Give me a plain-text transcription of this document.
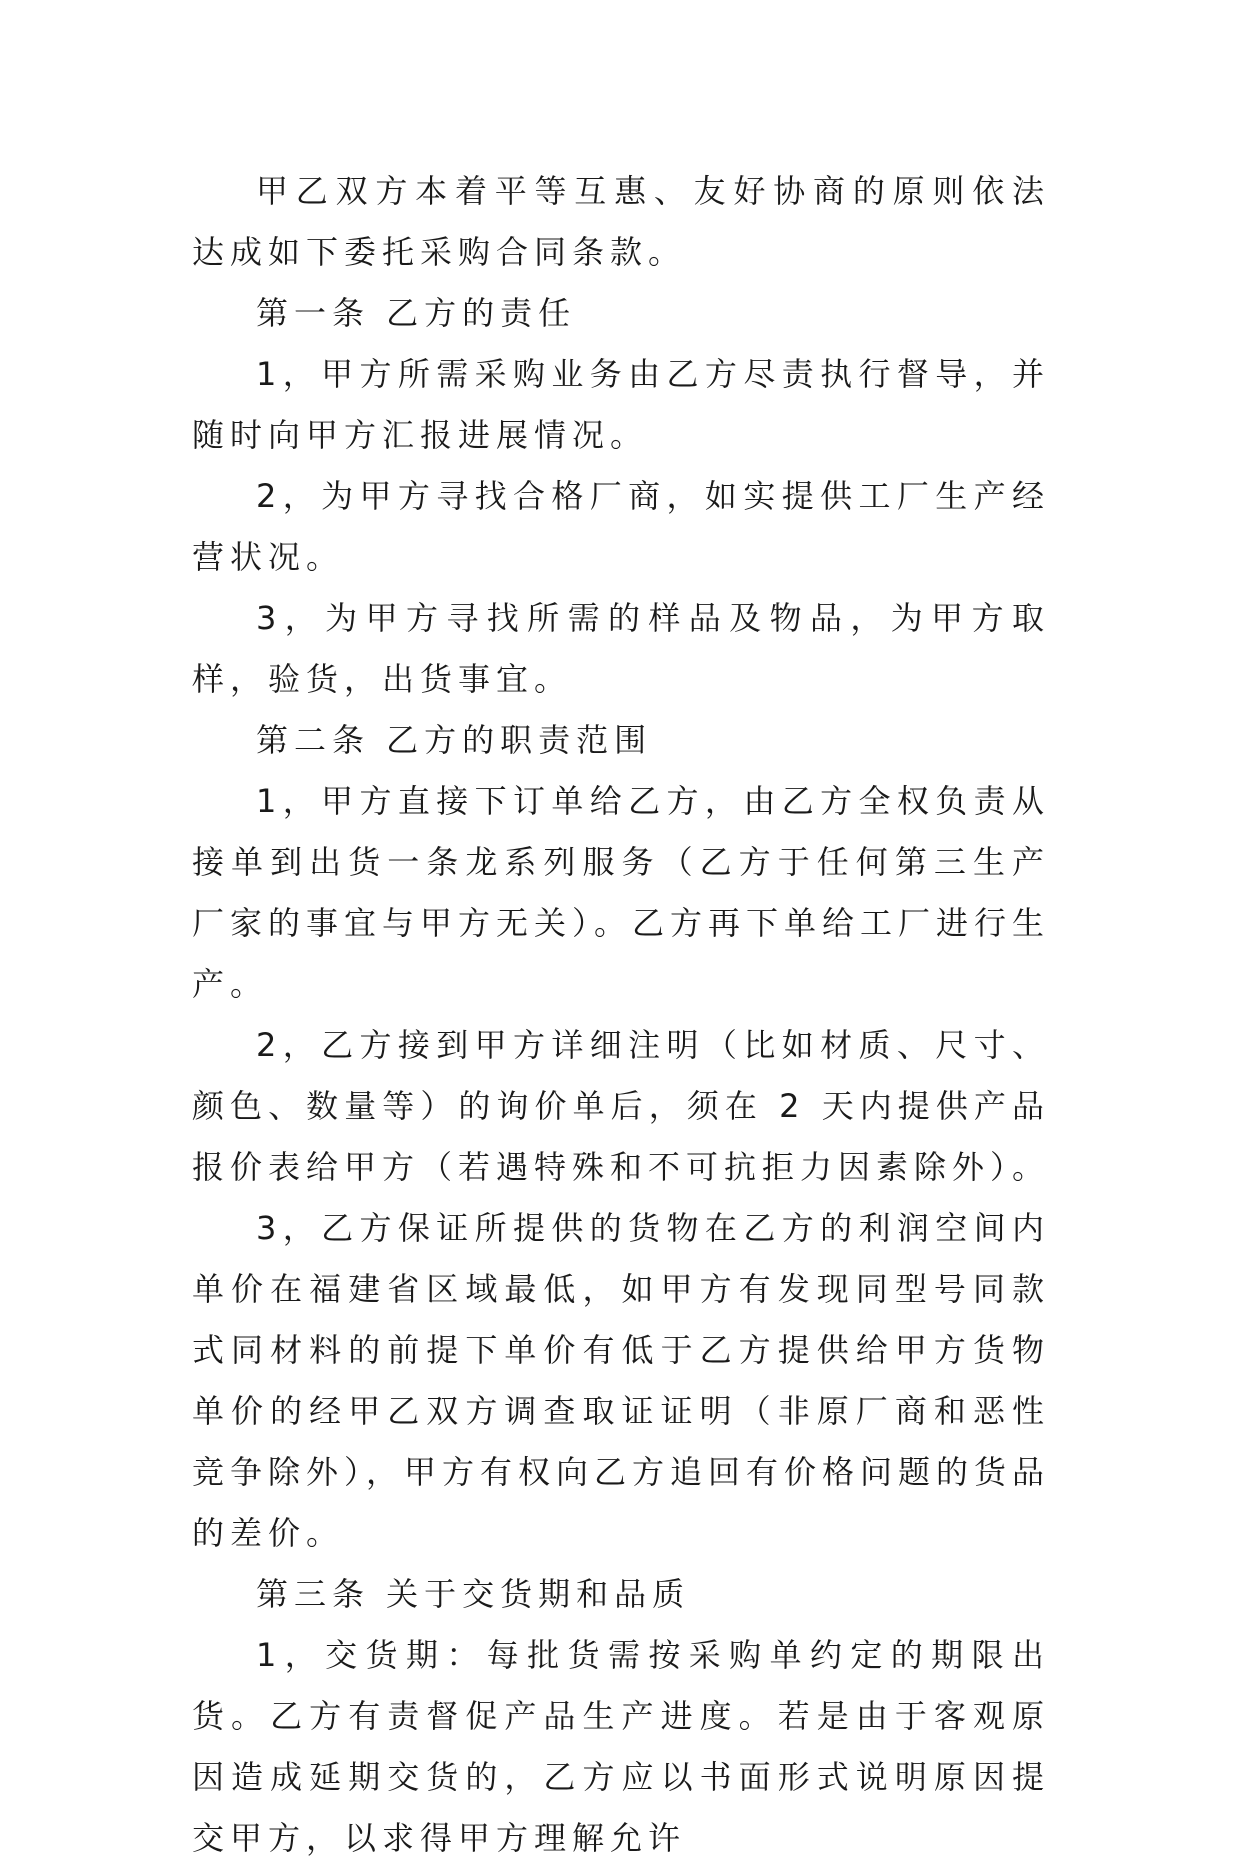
甲乙双方本着平等互惠、友好协商的原则依法达成如下委托采购合同条款。

第一条 乙方的责任

1，甲方所需采购业务由乙方尽责执行督导，并随时向甲方汇报进展情况。

2，为甲方寻找合格厂商，如实提供工厂生产经营状况。

3，为甲方寻找所需的样品及物品，为甲方取样，验货，出货事宜。

第二条 乙方的职责范围

1，甲方直接下订单给乙方，由乙方全权负责从接单到出货一条龙系列服务（乙方于任何第三生产厂家的事宜与甲方无关）。乙方再下单给工厂进行生产。

2，乙方接到甲方详细注明（比如材质、尺寸、颜色、数量等）的询价单后，须在 2 天内提供产品报价表给甲方（若遇特殊和不可抗拒力因素除外）。

3，乙方保证所提供的货物在乙方的利润空间内单价在福建省区域最低，如甲方有发现同型号同款式同材料的前提下单价有低于乙方提供给甲方货物单价的经甲乙双方调查取证证明（非原厂商和恶性竞争除外），甲方有权向乙方追回有价格问题的货品的差价。

第三条 关于交货期和品质

1，交货期：每批货需按采购单约定的期限出货。乙方有责督促产品生产进度。若是由于客观原因造成延期交货的，乙方应以书面形式说明原因提交甲方，以求得甲方理解允许
